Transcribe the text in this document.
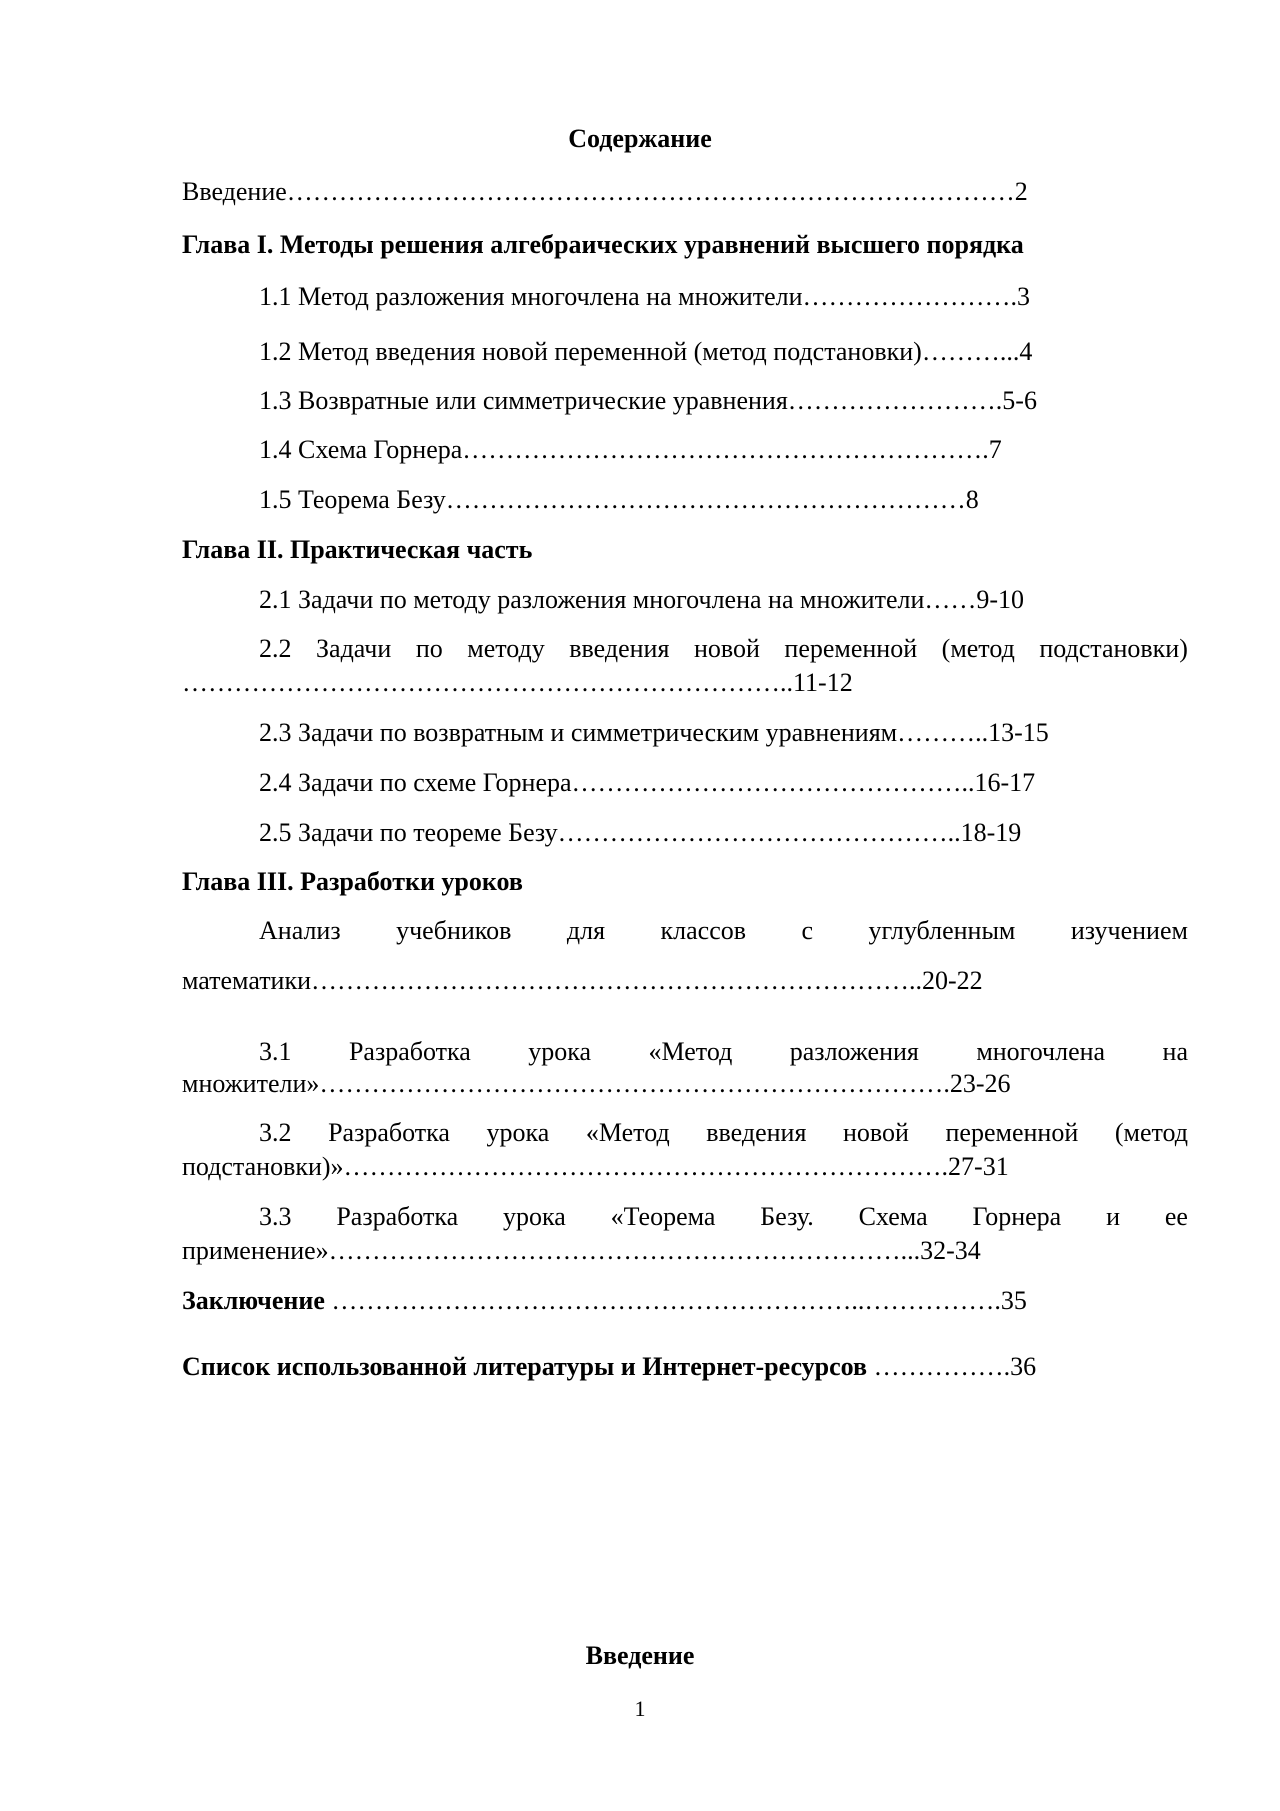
Содержание
Введение…………………………………………………………………………2
Глава I. Методы решения алгебраических уравнений высшего порядка
1.1 Метод разложения многочлена на множители…………………….3
1.2 Метод введения новой переменной (метод подстановки)………...4
1.3 Возвратные или симметрические уравнения…………………….5-6
1.4 Схема Горнера…………………………………………………….7
1.5 Теорема Безу……………………………………………………8
Глава II. Практическая часть
2.1 Задачи по методу разложения многочлена на множители……9-10
2.2 Задачи по методу введения новой переменной (метод подстановки)
……………………………………………………………..11-12
2.3 Задачи по возвратным и симметрическим уравнениям………..13-15
2.4 Задачи по схеме Горнера………………………………………..16-17
2.5 Задачи по теореме Безу………………………………………..18-19
Глава III. Разработки уроков
Анализ учебников для классов с углубленным изучением
математики……………………………………………………………..20-22
3.1 Разработка урока «Метод разложения многочлена на
множители»……………………………………………………………….23-26
3.2 Разработка урока «Метод введения новой переменной (метод
подстановки)»…………………………………………………………….27-31
3.3 Разработка урока «Теорема Безу. Схема Горнера и ее
применение»…………………………………………………………...32-34
Заключение ……………………………………………………..…………….35
Список использованной литературы и Интернет-ресурсов …………….36
Введение
1
